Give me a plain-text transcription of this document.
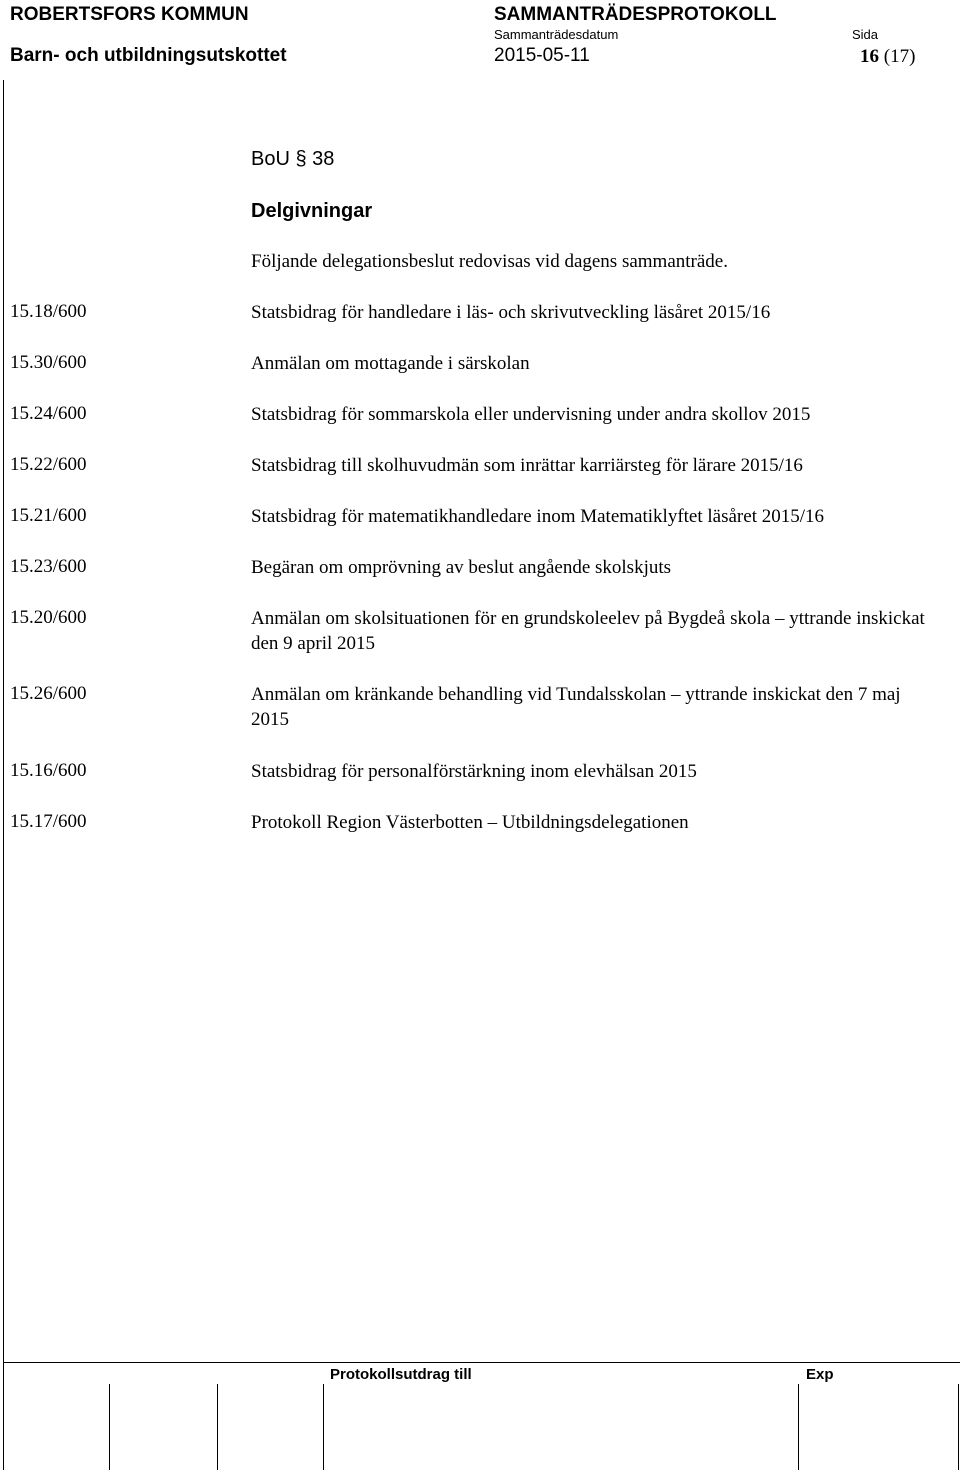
ROBERTSFORS KOMMUN	SAMMANTRÄDESPROTOKOLL
Sammanträdesdatum	Sida
Barn- och utbildningsutskottet	2015-05-11	16 (17)
BoU § 38
Delgivningar
Följande delegationsbeslut redovisas vid dagens sammanträde.
15.18/600	Statsbidrag för handledare i läs- och skrivutveckling läsåret 2015/16
15.30/600	Anmälan om mottagande i särskolan
15.24/600	Statsbidrag för sommarskola eller undervisning under andra skollov 2015
15.22/600	Statsbidrag till skolhuvudmän som inrättar karriärsteg för lärare 2015/16
15.21/600	Statsbidrag för matematikhandledare inom Matematiklyftet läsåret 2015/16
15.23/600	Begäran om omprövning av beslut angående skolskjuts
15.20/600	Anmälan om skolsituationen för en grundskoleelev på Bygdeå skola – yttrande inskickat den 9 april 2015
15.26/600	Anmälan om kränkande behandling vid Tundalsskolan – yttrande inskickat den 7 maj 2015
15.16/600	Statsbidrag för personalförstärkning inom elevhälsan 2015
15.17/600	Protokoll Region Västerbotten – Utbildningsdelegationen
Protokollsutdrag till	Exp
